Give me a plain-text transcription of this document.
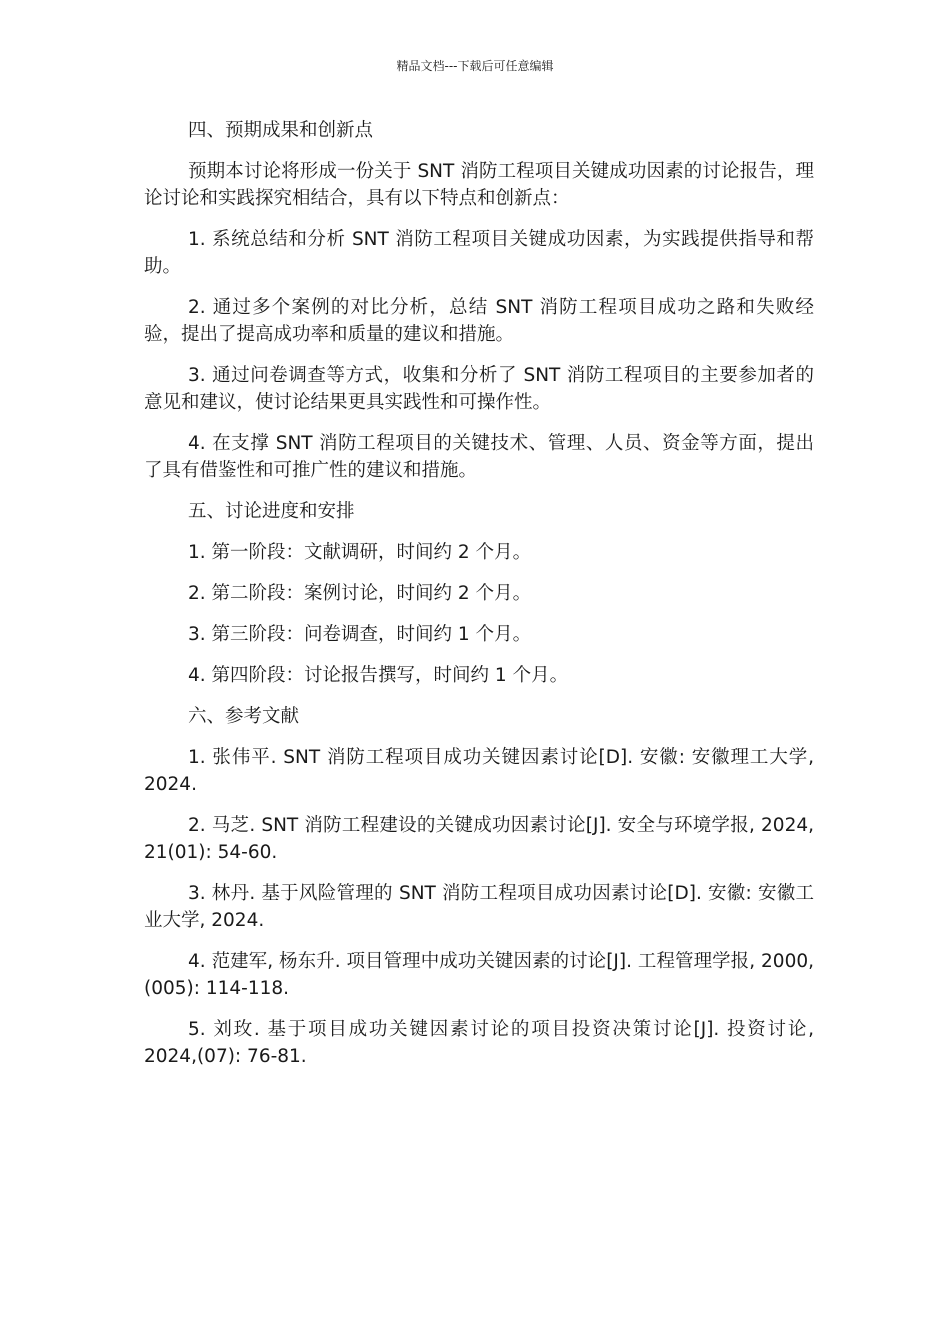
精品文档---下载后可任意编辑

四、预期成果和创新点

预期本讨论将形成一份关于 SNT 消防工程项目关键成功因素的讨论报告，理论讨论和实践探究相结合，具有以下特点和创新点：

1. 系统总结和分析 SNT 消防工程项目关键成功因素，为实践提供指导和帮助。

2. 通过多个案例的对比分析，总结 SNT 消防工程项目成功之路和失败经验，提出了提高成功率和质量的建议和措施。

3. 通过问卷调查等方式，收集和分析了 SNT 消防工程项目的主要参加者的意见和建议，使讨论结果更具实践性和可操作性。

4. 在支撑 SNT 消防工程项目的关键技术、管理、人员、资金等方面，提出了具有借鉴性和可推广性的建议和措施。

五、讨论进度和安排

1. 第一阶段：文献调研，时间约 2 个月。

2. 第二阶段：案例讨论，时间约 2 个月。

3. 第三阶段：问卷调查，时间约 1 个月。

4. 第四阶段：讨论报告撰写，时间约 1 个月。

六、参考文献

1. 张伟平. SNT 消防工程项目成功关键因素讨论[D]. 安徽: 安徽理工大学, 2024.

2. 马芝. SNT 消防工程建设的关键成功因素讨论[J]. 安全与环境学报, 2024, 21(01): 54-60.

3. 林丹. 基于风险管理的 SNT 消防工程项目成功因素讨论[D]. 安徽: 安徽工业大学, 2024.

4. 范建军, 杨东升. 项目管理中成功关键因素的讨论[J]. 工程管理学报, 2000,(005): 114-118.

5. 刘玫. 基于项目成功关键因素讨论的项目投资决策讨论[J]. 投资讨论, 2024,(07): 76-81.
